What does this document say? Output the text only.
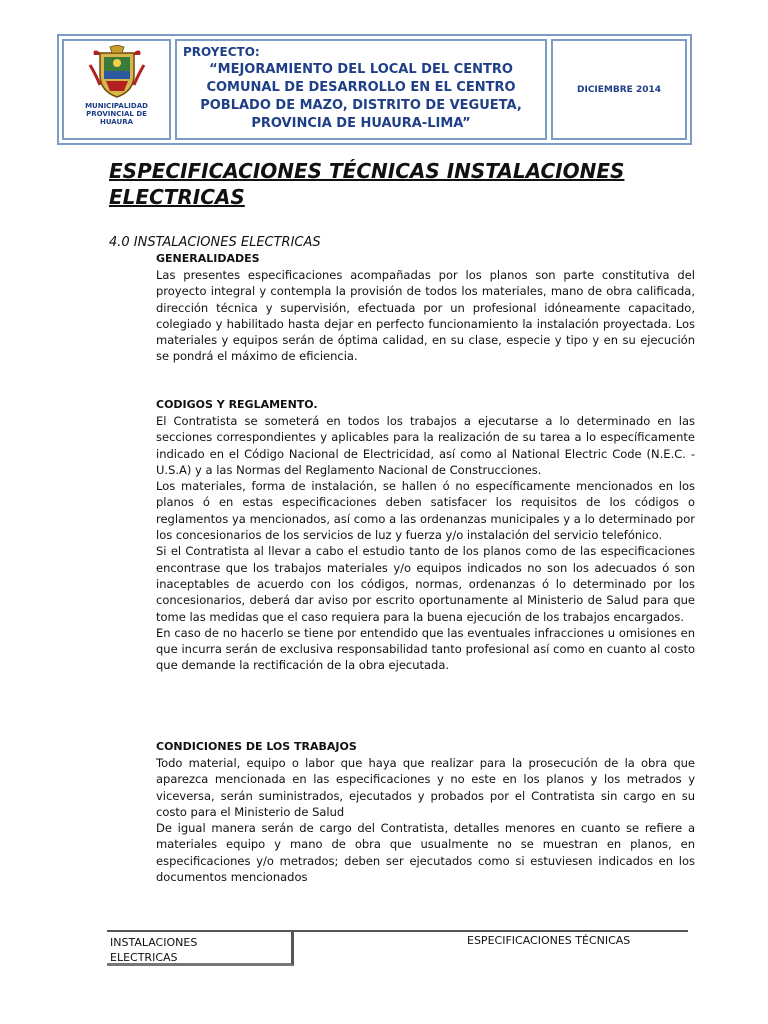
MUNICIPALIDAD
PROVINCIAL DE
HUAURA
PROYECTO:
“MEJORAMIENTO DEL LOCAL DEL CENTRO
COMUNAL DE DESARROLLO EN EL CENTRO
POBLADO DE MAZO, DISTRITO DE VEGUETA,
PROVINCIA DE HUAURA-LIMA”
DICIEMBRE 2014
ESPECIFICACIONES TÉCNICAS INSTALACIONES
ELECTRICAS
4.0 INSTALACIONES ELECTRICAS
GENERALIDADES

Las presentes especificaciones acompañadas por los planos son parte constitutiva del proyecto integral y contempla la provisión de todos los materiales, mano de obra calificada, dirección técnica y supervisión, efectuada por un profesional idóneamente capacitado, colegiado y habilitado hasta dejar en perfecto funcionamiento la instalación proyectada. Los materiales y equipos serán de óptima calidad, en su clase, especie y tipo y en su ejecución se pondrá el máximo de eficiencia.

CODIGOS Y REGLAMENTO.

El Contratista se someterá en todos los trabajos a ejecutarse a lo determinado en las secciones correspondientes y aplicables para la realización de su tarea a lo específicamente indicado en el Código Nacional de Electricidad, así como al National Electric Code (N.E.C. - U.S.A) y a las Normas del Reglamento Nacional de Construcciones.

Los materiales, forma de instalación, se hallen ó no específicamente mencionados en los planos ó en estas especificaciones deben satisfacer los requisitos de los códigos o reglamentos ya mencionados, así como a las ordenanzas municipales y a lo determinado por los concesionarios de los servicios de luz y fuerza y/o instalación del servicio telefónico.

Si el Contratista al llevar a cabo el estudio tanto de los planos como de las especificaciones encontrase que los trabajos materiales y/o equipos indicados no son los adecuados ó son inaceptables de acuerdo con los códigos, normas, ordenanzas ó lo determinado por los concesionarios, deberá dar aviso por escrito oportunamente al Ministerio de Salud para que tome las medidas que el caso requiera para la buena ejecución de los trabajos encargados.

En caso de no hacerlo se tiene por entendido que las eventuales infracciones u omisiones en que incurra serán de exclusiva responsabilidad tanto profesional así como en cuanto al costo que demande la rectificación de la obra ejecutada.

CONDICIONES DE LOS TRABAJOS

Todo material, equipo o labor que haya que realizar para la prosecución de la obra que aparezca mencionada en las especificaciones y no este en los planos y los metrados y viceversa, serán suministrados, ejecutados y probados por el Contratista sin cargo en su costo para el Ministerio de Salud

De igual manera serán de cargo del Contratista, detalles menores en cuanto se refiere a materiales equipo y mano de obra que usualmente no se muestran en planos, en especificaciones y/o metrados; deben ser ejecutados como si estuviesen indicados en los documentos mencionados

INSTALACIONES
ELECTRICAS
ESPECIFICACIONES TÉCNICAS
